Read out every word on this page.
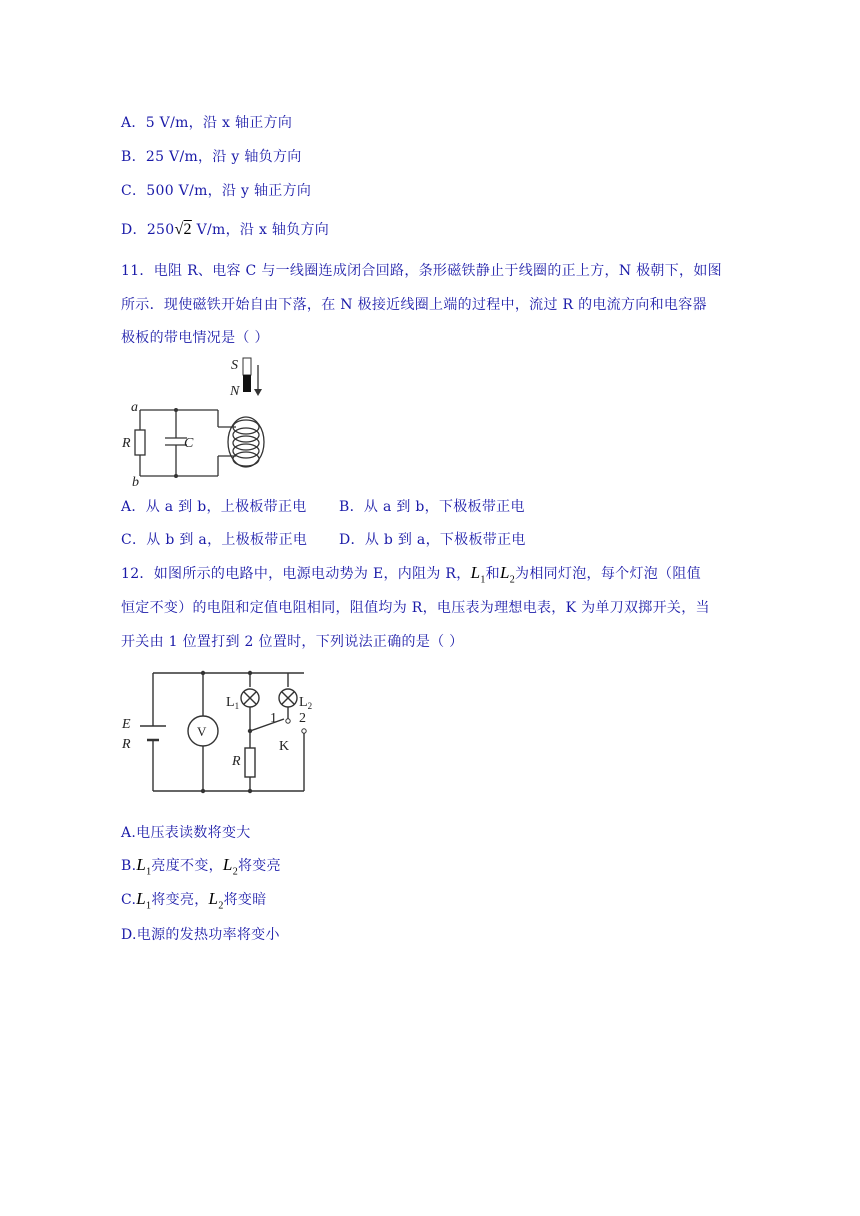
A．5 V/m，沿 x 轴正方向
B．25 V/m，沿 y 轴负方向
C．500 V/m，沿 y 轴正方向
D．250√2 V/m，沿 x 轴负方向
11．电阻 R、电容 C 与一线圈连成闭合回路，条形磁铁静止于线圈的正上方，N 极朝下，如图
所示．现使磁铁开始自由下落，在 N 极接近线圈上端的过程中，流过 R 的电流方向和电容器
极板的带电情况是（ ）
S
N
a
b
R	C
A．从 a 到 b，上极板带正电 B．从 a 到 b，下极板带正电
C．从 b 到 a，上极板带正电 D．从 b 到 a，下极板带正电
12．如图所示的电路中，电源电动势为 E，内阻为 R，$L_1$和$L_2$为相同灯泡，每个灯泡（阻值
恒定不变）的电阻和定值电阻相同，阻值均为 R，电压表为理想电表，K 为单刀双掷开关，当
开关由 1 位置打到 2 位置时，下列说法正确的是（ ）
E
R
V
$L_1$	$L_2$
1 2
K
R
A.电压表读数将变大
$B.L_1$亮度不变，$L_2$将变亮
$C.L_1$将变亮，$L_2$将变暗
D.电源的发热功率将变小
